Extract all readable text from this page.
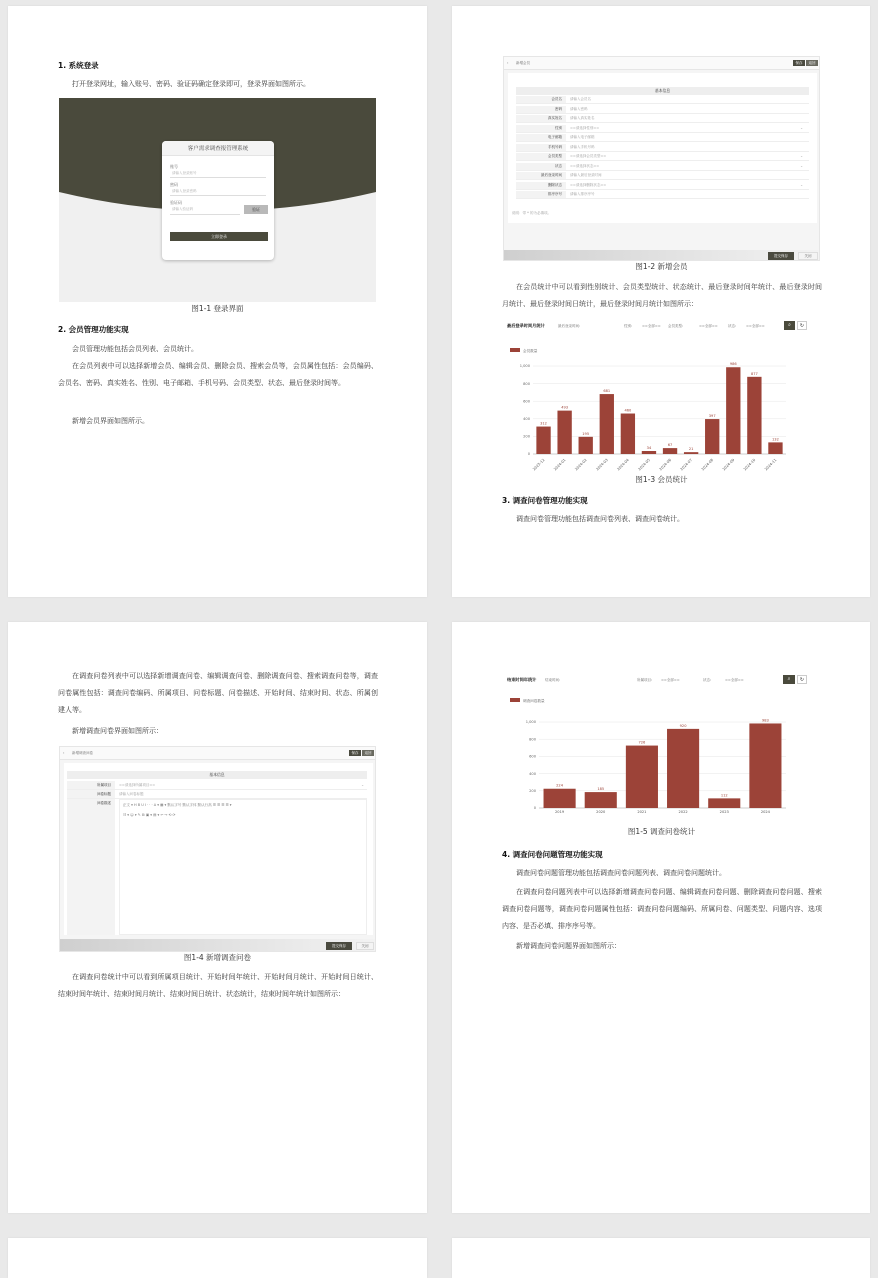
1. 系统登录
打开登录网址，输入账号、密码、验证码确定登录即可，登录界面如图所示。
客户需求调查报管理系统
账号
请输入登录账号
密码
请输入登录密码
验证码
请输入验证码	验证
立即登录
图1-1 登录界面
2. 会员管理功能实现
会员管理功能包括会员列表、会员统计。
在会员列表中可以选择新增会员、编辑会员、删除会员、搜索会员等，会员属性包括：会员编码、会员名、密码、真实姓名、性别、电子邮箱、手机号码、会员类型、状态、最后登录时间等。
新增会员界面如图所示。
‹ 新增会员	保存	返回
基本信息
会员名	请输入会员名
密码	请输入密码
真实姓名	请输入真实姓名
性别	==请选择性别==	⌄
电子邮箱	请输入电子邮箱
手机号码	请输入手机号码
会员类型	==请选择会员类型==	⌄
状态	==请选择状态==	⌄
最后登录时间	请输入最后登录时间
删除状态	==请选择删除状态==	⌄
排序序号	请输入排序序号
说明：带 * 的为必填项。
提交保存	关闭
图1-2 新增会员
在会员统计中可以看到性别统计、会员类型统计、状态统计、最后登录时间年统计、最后登录时间月统计、最后登录时间日统计，最后登录时间月统计如图所示：
最后登录时间月统计	最后登录时间:	性别:	==全部== 会员类型:	==全部==	状态:	==全部==	⌕	↻
会员数量
0
200
400
600
800
1,000
312
2023-12
493
2024-01
195
2024-02
681
2024-03
460
2024-04
34
2024-05
67
2024-06
21
2024-07
397
2024-08
986
2024-09
877
2024-10
132
2024-11
图1-3 会员统计
3. 调查问卷管理功能实现
调查问卷管理功能包括调查问卷列表、调查问卷统计。
在调查问卷列表中可以选择新增调查问卷、编辑调查问卷、删除调查问卷、搜索调查问卷等，调查问卷属性包括：调查问卷编码、所属项目、问卷标题、问卷描述、开始时间、结束时间、状态、所属创建人等。
新增调查问卷界面如图所示：
‹ 新增调查问卷	保存	返回
基本信息
所属项目	==请选择所属项目==	⌄
问卷标题	请输入问卷标题
问卷描述	正文 ▾ H B U I · · · A ▾ ▦ ▾ 默认字号 默认字体 默认行高 ☰ ☰ ☰ ☰ ▾
☷ ▾ ☺ ▾ ✎ ⊞ ▣ ▾ ▤ ▾ ↩ ↪ ⟲ ⟳
提交保存	关闭
图1-4 新增调查问卷
在调查问卷统计中可以看到所属项目统计、开始时间年统计、开始时间月统计、开始时间日统计、结束时间年统计、结束时间月统计、结束时间日统计、状态统计，结束时间年统计如图所示：
结束时间年统计 结束时间:	所属项目:	==全部==	状态:	==全部==	⌕	↻
调查问卷数量
0
200
400
600
800
1,000
224
2019
185
2020
726
2021
920
2022
112
2023
983
2024
图1-5 调查问卷统计
4. 调查问卷问题管理功能实现
调查问卷问题管理功能包括调查问卷问题列表、调查问卷问题统计。
在调查问卷问题列表中可以选择新增调查问卷问题、编辑调查问卷问题、删除调查问卷问题、搜索调查问卷问题等，调查问卷问题属性包括：调查问卷问题编码、所属问卷、问题类型、问题内容、选项内容、是否必填、排序序号等。
新增调查问卷问题界面如图所示：
